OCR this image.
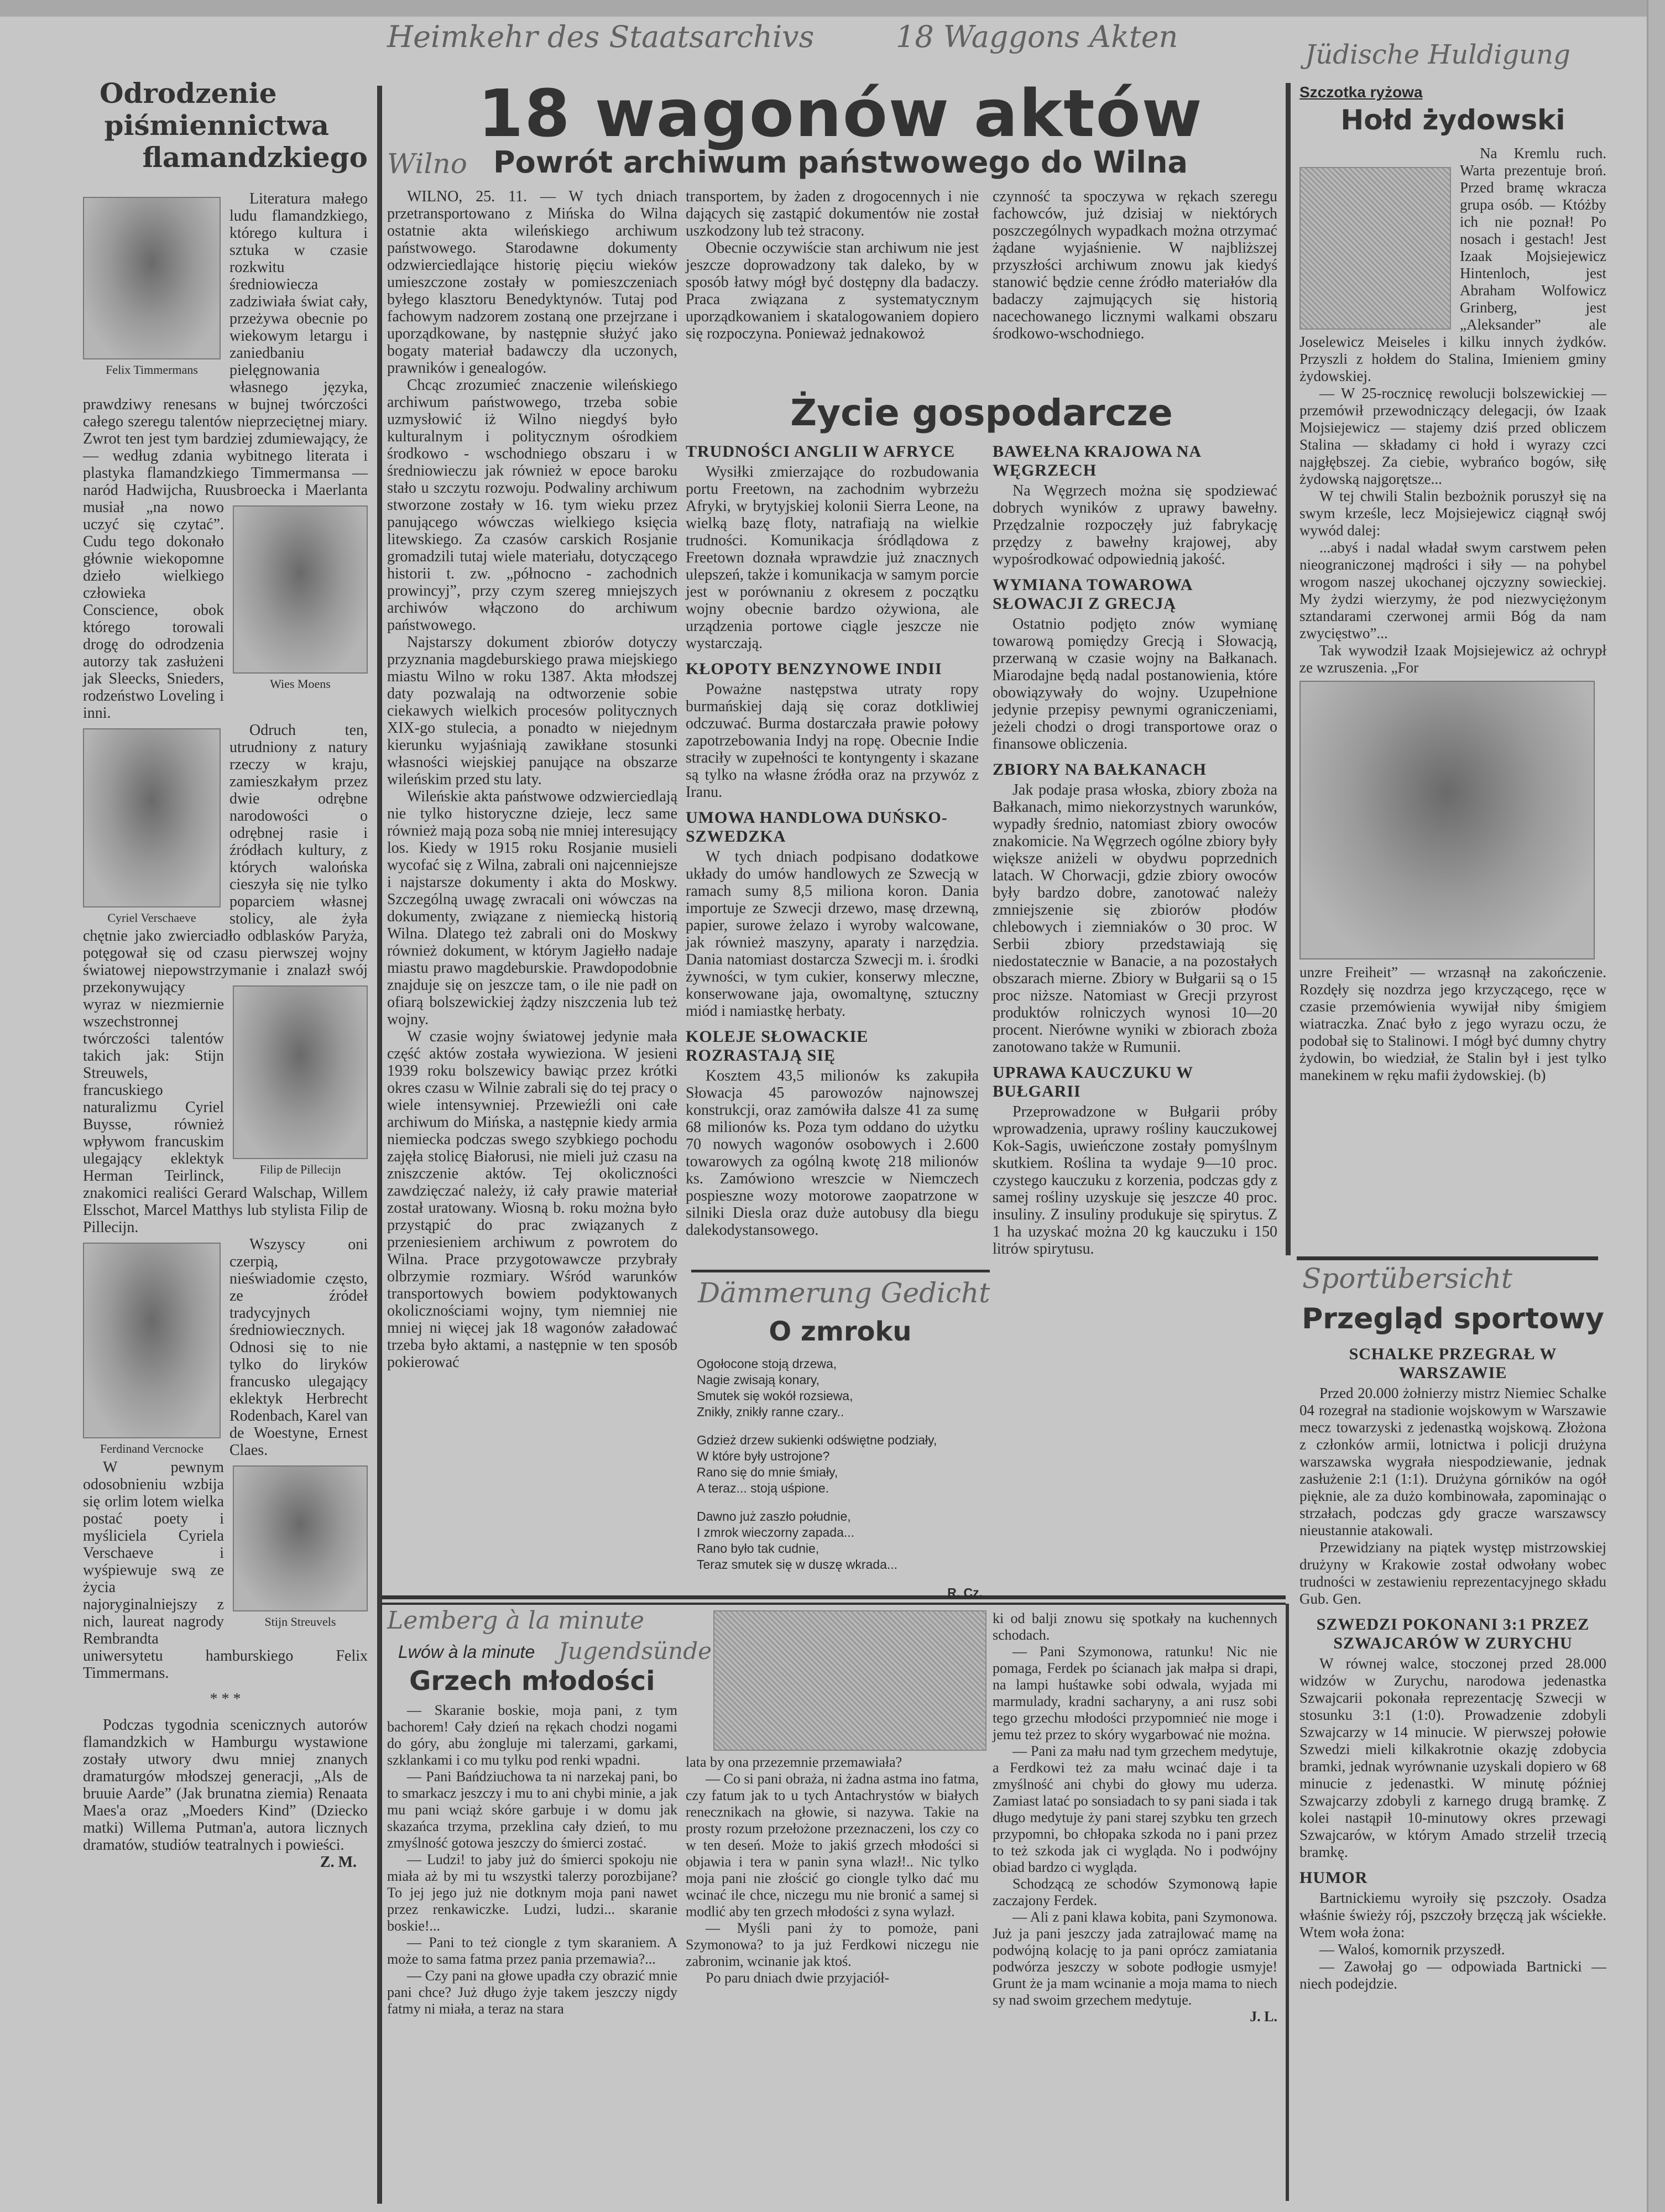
Odrodzenie
piśmiennictwa
flamandzkiego

Felix Timmermans
Literatura małego ludu flamandzkiego, którego kultura i sztuka w czasie rozkwitu średniowiecza zadziwiała świat cały, przeżywa obecnie po wiekowym letargu i zaniedbaniu pielęgnowania własnego języka, prawdziwy renesans w bujnej twórczości całego szeregu talentów nieprzeciętnej miary. Zwrot ten jest tym bardziej zdumiewający, że — według zdania wybitnego literata i plastyka flamandzkiego Timmermansa — naród Hadwijcha, Ruusbroecka i Maerlanta
Wies Moens
musiał „na nowo uczyć się czytać”. Cudu tego dokonało głównie wiekopomne dzieło wielkiego człowieka Conscience, obok którego torowali drogę do odrodzenia autorzy tak zasłużeni jak Sleecks, Snieders, rodzeństwo Loveling i inni.

Cyriel Verschaeve
Odruch ten, utrudniony z natury rzeczy w kraju, zamieszkałym przez dwie odrębne narodowości o odrębnej rasie i źródłach kultury, z których walońska cieszyła się nie tylko poparciem własnej stolicy, ale żyła chętnie jako zwierciadło odblasków Paryża, potęgował się od czasu pierwszej wojny światowej niepowstrzymanie i znalazł swój
Filip de Pillecijn
przekonywujący wyraz w niezmiernie wszechstronnej twórczości talentów takich jak: Stijn Streuwels, francuskiego naturalizmu Cyriel Buysse, również wpływom francuskim ulegający eklektyk Herman Teirlinck, znakomici realiści Gerard Walschap, Willem Elsschot, Marcel Matthys lub stylista Filip de Pillecijn.

Ferdinand Vercnocke
Wszyscy oni czerpią, nieświadomie często, ze źródeł tradycyjnych średniowiecznych. Odnosi się to nie tylko do liryków francusko ulegający eklektyk Herbrecht Rodenbach, Karel van de Woestyne, Ernest Claes.

Stijn Streuvels
W pewnym odosobnieniu wzbija się orlim lotem wielka postać poety i myśliciela Cyriela Verschaeve i wyśpiewuje swą ze życia najoryginalniejszy z nich, laureat nagrody Rembrandta uniwersytetu hamburskiego Felix Timmermans.

* * *

Podczas tygodnia scenicznych autorów flamandzkich w Hamburgu wystawione zostały utwory dwu mniej znanych dramaturgów młodszej generacji, „Als de bruuie Aarde” (Jak brunatna ziemia) Renaata Maes'a oraz „Moeders Kind” (Dziecko matki) Willema Putman'a, autora licznych dramatów, studiów teatralnych i powieści.

Z. M.
18 wagonów aktów
Powrót archiwum państwowego do Wilna

WILNO, 25. 11. — W tych dniach przetransportowano z Mińska do Wilna ostatnie akta wileńskiego archiwum państwowego. Starodawne dokumenty odzwierciedlające historię pięciu wieków umieszczone zostały w pomieszczeniach byłego klasztoru Benedyktynów. Tutaj pod fachowym nadzorem zostaną one przejrzane i uporządkowane, by następnie służyć jako bogaty materiał badawczy dla uczonych, prawników i genealogów.

Chcąc zrozumieć znaczenie wileńskiego archiwum państwowego, trzeba sobie uzmysłowić iż Wilno niegdyś było kulturalnym i politycznym ośrodkiem środkowo - wschodniego obszaru i w średniowieczu jak również w epoce baroku stało u szczytu rozwoju. Podwaliny archiwum stworzone zostały w 16. tym wieku przez panującego wówczas wielkiego księcia litewskiego. Za czasów carskich Rosjanie gromadzili tutaj wiele materiału, dotyczącego historii t. zw. „północno - zachodnich prowincyj”, przy czym szereg mniejszych archiwów włączono do archiwum państwowego.

Najstarszy dokument zbiorów dotyczy przyznania magdeburskiego prawa miejskiego miastu Wilno w roku 1387. Akta młodszej daty pozwalają na odtworzenie sobie ciekawych wielkich procesów politycznych XIX-go stulecia, a ponadto w niejednym kierunku wyjaśniają zawikłane stosunki własności wiejskiej panujące na obszarze wileńskim przed stu laty.

Wileńskie akta państwowe odzwierciedlają nie tylko historyczne dzieje, lecz same również mają poza sobą nie mniej interesujący los. Kiedy w 1915 roku Rosjanie musieli wycofać się z Wilna, zabrali oni najcenniejsze i najstarsze dokumenty i akta do Moskwy. Szczególną uwagę zwracali oni wówczas na dokumenty, związane z niemiecką historią Wilna. Dlatego też zabrali oni do Moskwy również dokument, w którym Jagiełło nadaje miastu prawo magdeburskie. Prawdopodobnie znajduje się on jeszcze tam, o ile nie padł on ofiarą bolszewickiej żądzy niszczenia lub też wojny.

W czasie wojny światowej jedynie mała część aktów została wywieziona. W jesieni 1939 roku bolszewicy bawiąc przez krótki okres czasu w Wilnie zabrali się do tej pracy o wiele intensywniej. Przewieźli oni całe archiwum do Mińska, a następnie kiedy armia niemiecka podczas swego szybkiego pochodu zajęła stolicę Białorusi, nie mieli już czasu na zniszczenie aktów. Tej okoliczności zawdzięczać należy, iż cały prawie materiał został uratowany. Wiosną b. roku można było przystąpić do prac związanych z przeniesieniem archiwum z powrotem do Wilna. Prace przygotowawcze przybrały olbrzymie rozmiary. Wśród warunków transportowych bowiem podyktowanych okolicznościami wojny, tym niemniej nie mniej ni więcej jak 18 wagonów załadować trzeba było aktami, a następnie w ten sposób pokierować

transportem, by żaden z drogocennych i nie dających się zastąpić dokumentów nie został uszkodzony lub też stracony.

Obecnie oczywiście stan archiwum nie jest jeszcze doprowadzony tak daleko, by w sposób łatwy mógł być dostępny dla badaczy. Praca związana z systematycznym uporządkowaniem i skatalogowaniem dopiero się rozpoczyna. Ponieważ jednakowoż

czynność ta spoczywa w rękach szeregu fachowców, już dzisiaj w niektórych poszczególnych wypadkach można otrzymać żądane wyjaśnienie. W najbliższej przyszłości archiwum znowu jak kiedyś stanowić będzie cenne źródło materiałów dla badaczy zajmujących się historią nacechowanego licznymi walkami obszaru środkowo-wschodniego.

Życie gospodarcze
TRUDNOŚCI ANGLII W AFRYCE

Wysiłki zmierzające do rozbudowania portu Freetown, na zachodnim wybrzeżu Afryki, w brytyjskiej kolonii Sierra Leone, na wielką bazę floty, natrafiają na wielkie trudności. Komunikacja śródlądowa z Freetown doznała wprawdzie już znacznych ulepszeń, także i komunikacja w samym porcie jest w porównaniu z okresem z początku wojny obecnie bardzo ożywiona, ale urządzenia portowe ciągle jeszcze nie wystarczają.

KŁOPOTY BENZYNOWE INDII

Poważne następstwa utraty ropy burmańskiej dają się coraz dotkliwiej odczuwać. Burma dostarczała prawie połowy zapotrzebowania Indyj na ropę. Obecnie Indie straciły w zupełności te kontyngenty i skazane są tylko na własne źródła oraz na przywóz z Iranu.

UMOWA HANDLOWA DUŃSKO-SZWEDZKA

W tych dniach podpisano dodatkowe układy do umów handlowych ze Szwecją w ramach sumy 8,5 miliona koron. Dania importuje ze Szwecji drzewo, masę drzewną, papier, surowe żelazo i wyroby walcowane, jak również maszyny, aparaty i narzędzia. Dania natomiast dostarcza Szwecji m. i. środki żywności, w tym cukier, konserwy mleczne, konserwowane jaja, owomaltynę, sztuczny miód i namiastkę herbaty.

KOLEJE SŁOWACKIE ROZRASTAJĄ SIĘ

Kosztem 43,5 milionów ks zakupiła Słowacja 45 parowozów najnowszej konstrukcji, oraz zamówiła dalsze 41 za sumę 68 milionów ks. Poza tym oddano do użytku 70 nowych wagonów osobowych i 2.600 towarowych za ogólną kwotę 218 milionów ks. Zamówiono wreszcie w Niemczech pospieszne wozy motorowe zaopatrzone w silniki Diesla oraz duże autobusy dla biegu dalekodystansowego.

BAWEŁNA KRAJOWA NA WĘGRZECH

Na Węgrzech można się spodziewać dobrych wyników z uprawy bawełny. Przędzalnie rozpoczęły już fabrykację przędzy z bawełny krajowej, aby wypośrodkować odpowiednią jakość.

WYMIANA TOWAROWA SŁOWACJI Z GRECJĄ

Ostatnio podjęto znów wymianę towarową pomiędzy Grecją i Słowacją, przerwaną w czasie wojny na Bałkanach. Miarodajne będą nadal postanowienia, które obowiązywały do wojny. Uzupełnione jedynie przepisy pewnymi ograniczeniami, jeżeli chodzi o drogi transportowe oraz o finansowe obliczenia.

ZBIORY NA BAŁKANACH

Jak podaje prasa włoska, zbiory zboża na Bałkanach, mimo niekorzystnych warunków, wypadły średnio, natomiast zbiory owoców znakomicie. Na Węgrzech ogólne zbiory były większe aniżeli w obydwu poprzednich latach. W Chorwacji, gdzie zbiory owoców były bardzo dobre, zanotować należy zmniejszenie się zbiorów płodów chlebowych i ziemniaków o 30 proc. W Serbii zbiory przedstawiają się niedostatecznie w Banacie, a na pozostałych obszarach mierne. Zbiory w Bułgarii są o 15 proc niższe. Natomiast w Grecji przyrost produktów rolniczych wynosi 10—20 procent. Nierówne wyniki w zbiorach zboża zanotowano także w Rumunii.

UPRAWA KAUCZUKU W BUŁGARII

Przeprowadzone w Bułgarii próby wprowadzenia, uprawy rośliny kauczukowej Kok-Sagis, uwieńczone zostały pomyślnym skutkiem. Roślina ta wydaje 9—10 proc. czystego kauczuku z korzenia, podczas gdy z samej rośliny uzyskuje się jeszcze 40 proc. insuliny. Z insuliny produkuje się spirytus. Z 1 ha uzyskać można 20 kg kauczuku i 150 litrów spirytusu.

O zmroku
Ogołocone stoją drzewa,
Nagie zwisają konary,
Smutek się wokół rozsiewa,
Znikły, znikły ranne czary..
Gdzież drzew sukienki odświętne podziały,
W które były ustrojone?
Rano się do mnie śmiały,
A teraz... stoją uśpione.
Dawno już zaszło południe,
I zmrok wieczorny zapada...
Rano było tak cudnie,
Teraz smutek się w duszę wkrada...
R. Cz.
Lwów à la minute
Grzech młodości

— Skaranie boskie, moja pani, z tym bachorem! Cały dzień na rękach chodzi nogami do góry, abu żongluje mi talerzami, garkami, szklankami i co mu tylku pod renki wpadni.

— Pani Bańdziuchowa ta ni narzekaj pani, bo to smarkacz jeszczy i mu to ani chybi minie, a jak mu pani wciąż skóre garbuje i w domu jak skazańca trzyma, przeklina cały dzień, to mu zmyślność gotowa jeszczy do śmierci zostać.

— Ludzi! to jaby już do śmierci spokoju nie miała aż by mi tu wszystki talerzy porozbijane? To jej jego już nie dotknym moja pani nawet przez renkawiczke. Ludzi, ludzi... skaranie boskie!...

— Pani to też ciongle z tym skaraniem. A może to sama fatma przez pania przemawia?...

— Czy pani na głowe upadła czy obrazić mnie pani chce? Już długo żyje takem jeszczy nigdy fatmy ni miała, a teraz na stara

lata by ona przezemnie przemawiała?

— Co si pani obraża, ni żadna astma ino fatma, czy fatum jak to u tych Antachrystów w białych renecznikach na głowie, si nazywa. Takie na prosty rozum przełożone przeznaczeni, los czy co w ten deseń. Może to jakiś grzech młodości si objawia i tera w panin syna wlazł!.. Nic tylko moja pani nie złościć go ciongle tylko dać mu wcinać ile chce, niczegu mu nie bronić a samej si modlić aby ten grzech młodości z syna wylazł.

— Myśli pani ży to pomoże, pani Szymonowa? to ja już Ferdkowi niczegu nie zabronim, wcinanie jak ktoś.

Po paru dniach dwie przyjaciół-

ki od balji znowu się spotkały na kuchennych schodach.

— Pani Szymonowa, ratunku! Nic nie pomaga, Ferdek po ścianach jak małpa si drapi, na lampi huśtawke sobi odwala, wyjada mi marmulady, kradni sacharyny, a ani rusz sobi tego grzechu młodości przypomnieć nie moge i jemu też przez to skóry wygarbować nie można.

— Pani za mału nad tym grzechem medytuje, a Ferdkowi też za mału wcinać daje i ta zmyślność ani chybi do głowy mu uderza. Zamiast latać po sonsiadach to sy pani siada i tak długo medytuje ży pani starej szybku ten grzech przypomni, bo chłopaka szkoda no i pani przez to też szkoda jak ci wygląda. No i podwójny obiad bardzo ci wygląda.

Schodzącą ze schodów Szymonową łapie zaczajony Ferdek.

— Ali z pani klawa kobita, pani Szymonowa. Już ja pani jeszczy jada zatrajlować mamę na podwójną kolację to ja pani oprócz zamiatania podwórza jeszczy w sobote podłogie usmyje! Grunt że ja mam wcinanie a moja mama to niech sy nad swoim grzechem medytuje.

J. L.
Szczotka ryżowa
Hołd żydowski

Na Kremlu ruch. Warta prezentuje broń. Przed bramę wkracza grupa osób. — Któżby ich nie poznał! Po nosach i gestach! Jest Izaak Mojsiejewicz Hintenloch, jest Abraham Wolfowicz Grinberg, jest „Aleksander” ale Joselewicz Meiseles i kilku innych żydków. Przyszli z hołdem do Stalina, Imieniem gminy żydowskiej.

— W 25-rocznicę rewolucji bolszewickiej — przemówił przewodniczący delegacji, ów Izaak Mojsiejewicz — stajemy dziś przed obliczem Stalina — składamy ci hołd i wyrazy czci najgłębszej. Za ciebie, wybrańco bogów, siłę żydowską najgorętsze...

W tej chwili Stalin bezbożnik poruszył się na swym krześle, lecz Mojsiejewicz ciągnął swój wywód dalej:

...abyś i nadal władał swym carstwem pełen nieograniczonej mądrości i siły — na pohybel wrogom naszej ukochanej ojczyzny sowieckiej. My żydzi wierzymy, że pod niezwyciężonym sztandarami czerwonej armii Bóg da nam zwycięstwo”...

Tak wywodził Izaak Mojsiejewicz aż ochrypł ze wzruszenia. „For

unzre Freiheit” — wrzasnął na zakończenie. Rozdęły się nozdrza jego krzyczącego, ręce w czasie przemówienia wywijał niby śmigiem wiatraczka. Znać było z jego wyrazu oczu, że podobał się to Stalinowi. I mógł być dumny chytry żydowin, bo wiedział, że Stalin był i jest tylko manekinem w ręku mafii żydowskiej. (b)

Przegląd sportowy
SCHALKE PRZEGRAŁ W WARSZAWIE

Przed 20.000 żołnierzy mistrz Niemiec Schalke 04 rozegrał na stadionie wojskowym w Warszawie mecz towarzyski z jedenastką wojskową. Złożona z członków armii, lotnictwa i policji drużyna warszawska wygrała niespodziewanie, jednak zasłużenie 2:1 (1:1). Drużyna górników na ogół pięknie, ale za dużo kombinowała, zapominając o strzałach, podczas gdy gracze warszawscy nieustannie atakowali.

Przewidziany na piątek występ mistrzowskiej drużyny w Krakowie został odwołany wobec trudności w zestawieniu reprezentacyjnego składu Gub. Gen.

SZWEDZI POKONANI 3:1 PRZEZ SZWAJCARÓW W ZURYCHU

W równej walce, stoczonej przed 28.000 widzów w Zurychu, narodowa jedenastka Szwajcarii pokonała reprezentację Szwecji w stosunku 3:1 (1:0). Prowadzenie zdobyli Szwajcarzy w 14 minucie. W pierwszej połowie Szwedzi mieli kilkakrotnie okazję zdobycia bramki, jednak wyrównanie uzyskali dopiero w 68 minucie z jedenastki. W minutę później Szwajcarzy zdobyli z karnego drugą bramkę. Z kolei nastąpił 10-minutowy okres przewagi Szwajcarów, w którym Amado strzelił trzecią bramkę.

HUMOR

Bartnickiemu wyroiły się pszczoły. Osadza właśnie świeży rój, pszczoły brzęczą jak wściekłe. Wtem woła żona:

— Waloś, komornik przyszedł.

— Zawołaj go — odpowiada Bartnicki — niech podejdzie.

Heimkehr des Staatsarchivs	18 Waggons Akten
Wilno
Jüdische Huldigung
Dämmerung Gedicht
Lemberg à la minute
Jugendsünde
Sportübersicht
